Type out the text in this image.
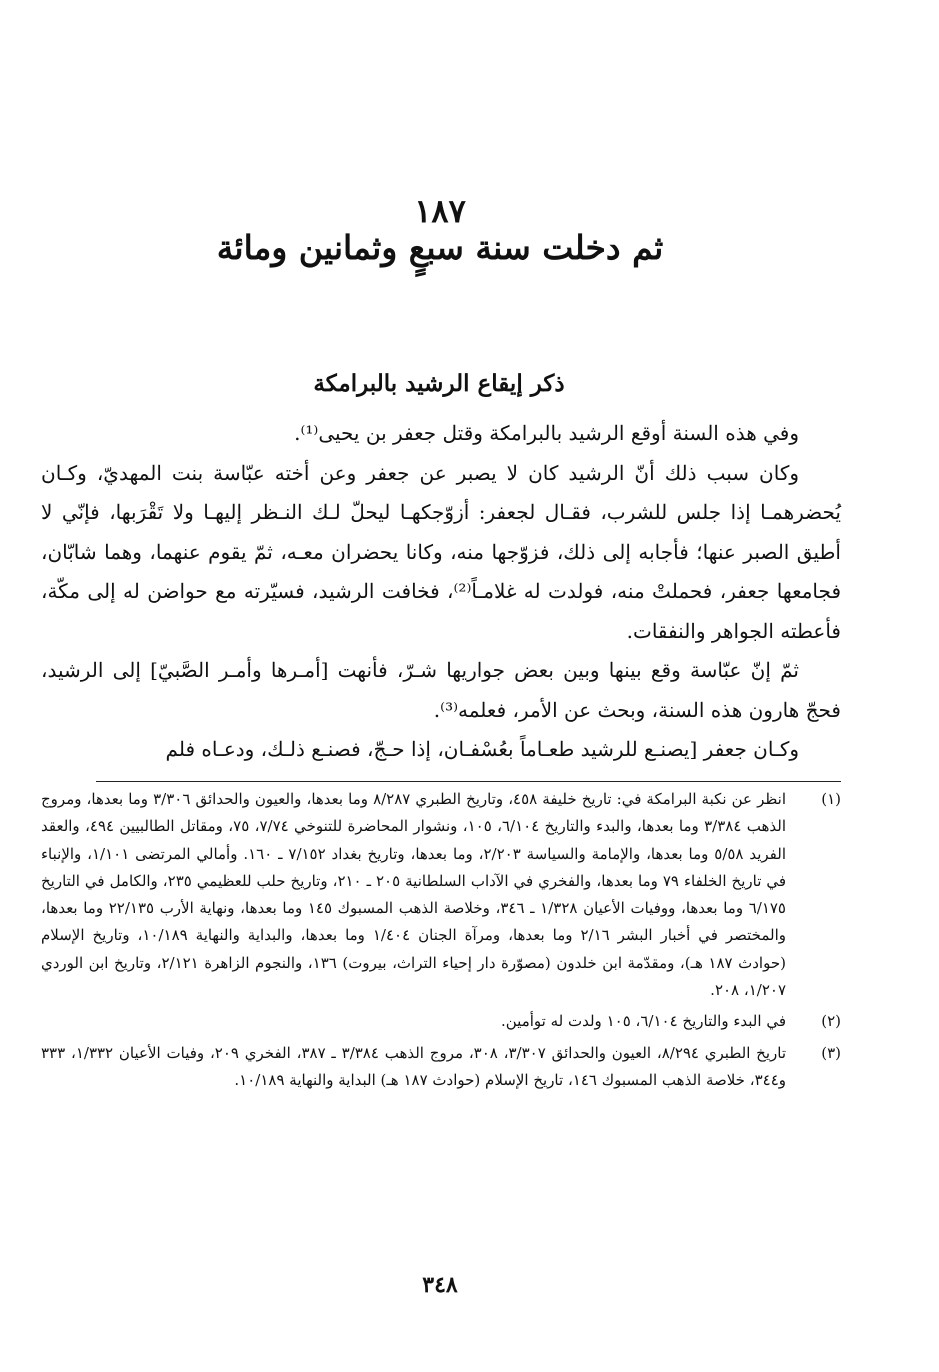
١٨٧
ثم دخلت سنة سبعٍ وثمانين ومائة
ذكر إيقاع الرشيد بالبرامكة

وفي هذه السنة أوقع الرشيد بالبرامكة وقتل جعفر بن يحيى⁽¹⁾.

وكان سبب ذلك أنّ الرشيد كان لا يصبر عن جعفر وعن أخته عبّاسة بنت المهديّ، وكـان يُحضرهمـا إذا جلس للشرب، فقـال لجعفر: أزوّجكهـا ليحلّ لـك النـظر إليهـا ولا تَقْرَبها، فإنّي لا أطيق الصبر عنها؛ فأجابه إلى ذلك، فزوّجها منه، وكانا يحضران معـه، ثمّ يقوم عنهما، وهما شابّان، فجامعها جعفر، فحملتْ منه، فولدت له غلامـاً⁽²⁾، فخافت الرشيد، فسيّرته مع حواضن له إلى مكّة، فأعطته الجواهر والنفقات.

ثمّ إنّ عبّاسة وقع بينها وبين بعض جواريها شـرّ، فأنهت [أمـرها وأمـر الصَّبيّ] إلى الرشيد، فحجّ هارون هذه السنة، وبحث عن الأمر، فعلمه⁽³⁾.

وكـان جعفر [يصنـع للرشيد طعـاماً بعُسْفـان، إذا حـجّ، فصنـع ذلـك، ودعـاه فلم

(١)
انظر عن نكبة البرامكة في: تاريخ خليفة ٤٥٨، وتاريخ الطبري ٨/٢٨٧ وما بعدها، والعيون والحدائق ٣/٣٠٦ وما بعدها، ومروج الذهب ٣/٣٨٤ وما بعدها، والبدء والتاريخ ٦/١٠٤، ١٠٥، ونشوار المحاضرة للتنوخي ٧/٧٤، ٧٥، ومقاتل الطالبيين ٤٩٤، والعقد الفريد ٥/٥٨ وما بعدها، والإمامة والسياسة ٢/٢٠٣، وما بعدها، وتاريخ بغداد ٧/١٥٢ ـ ١٦٠. وأمالي المرتضى ١/١٠١، والإنباء في تاريخ الخلفاء ٧٩ وما بعدها، والفخري في الآداب السلطانية ٢٠٥ ـ ٢١٠، وتاريخ حلب للعظيمي ٢٣٥، والكامل في التاريخ ٦/١٧٥ وما بعدها، ووفيات الأعيان ١/٣٢٨ ـ ٣٤٦، وخلاصة الذهب المسبوك ١٤٥ وما بعدها، ونهاية الأرب ٢٢/١٣٥ وما بعدها، والمختصر في أخبار البشر ٢/١٦ وما بعدها، ومرآة الجنان ١/٤٠٤ وما بعدها، والبداية والنهاية ١٠/١٨٩، وتاريخ الإسلام (حوادث ١٨٧ هـ)، ومقدّمة ابن خلدون (مصوّرة دار إحياء التراث، بيروت) ١٣٦، والنجوم الزاهرة ٢/١٢١، وتاريخ ابن الوردي ١/٢٠٧، ٢٠٨.
(٢)
في البدء والتاريخ ٦/١٠٤، ١٠٥ ولدت له توأمين.
(٣)
تاريخ الطبري ٨/٢٩٤، العيون والحدائق ٣/٣٠٧، ٣٠٨، مروج الذهب ٣/٣٨٤ ـ ٣٨٧، الفخري ٢٠٩، وفيات الأعيان ١/٣٣٢، ٣٣٣ و٣٤٤، خلاصة الذهب المسبوك ١٤٦، تاريخ الإسلام (حوادث ١٨٧ هـ) البداية والنهاية ١٠/١٨٩.
٣٤٨
